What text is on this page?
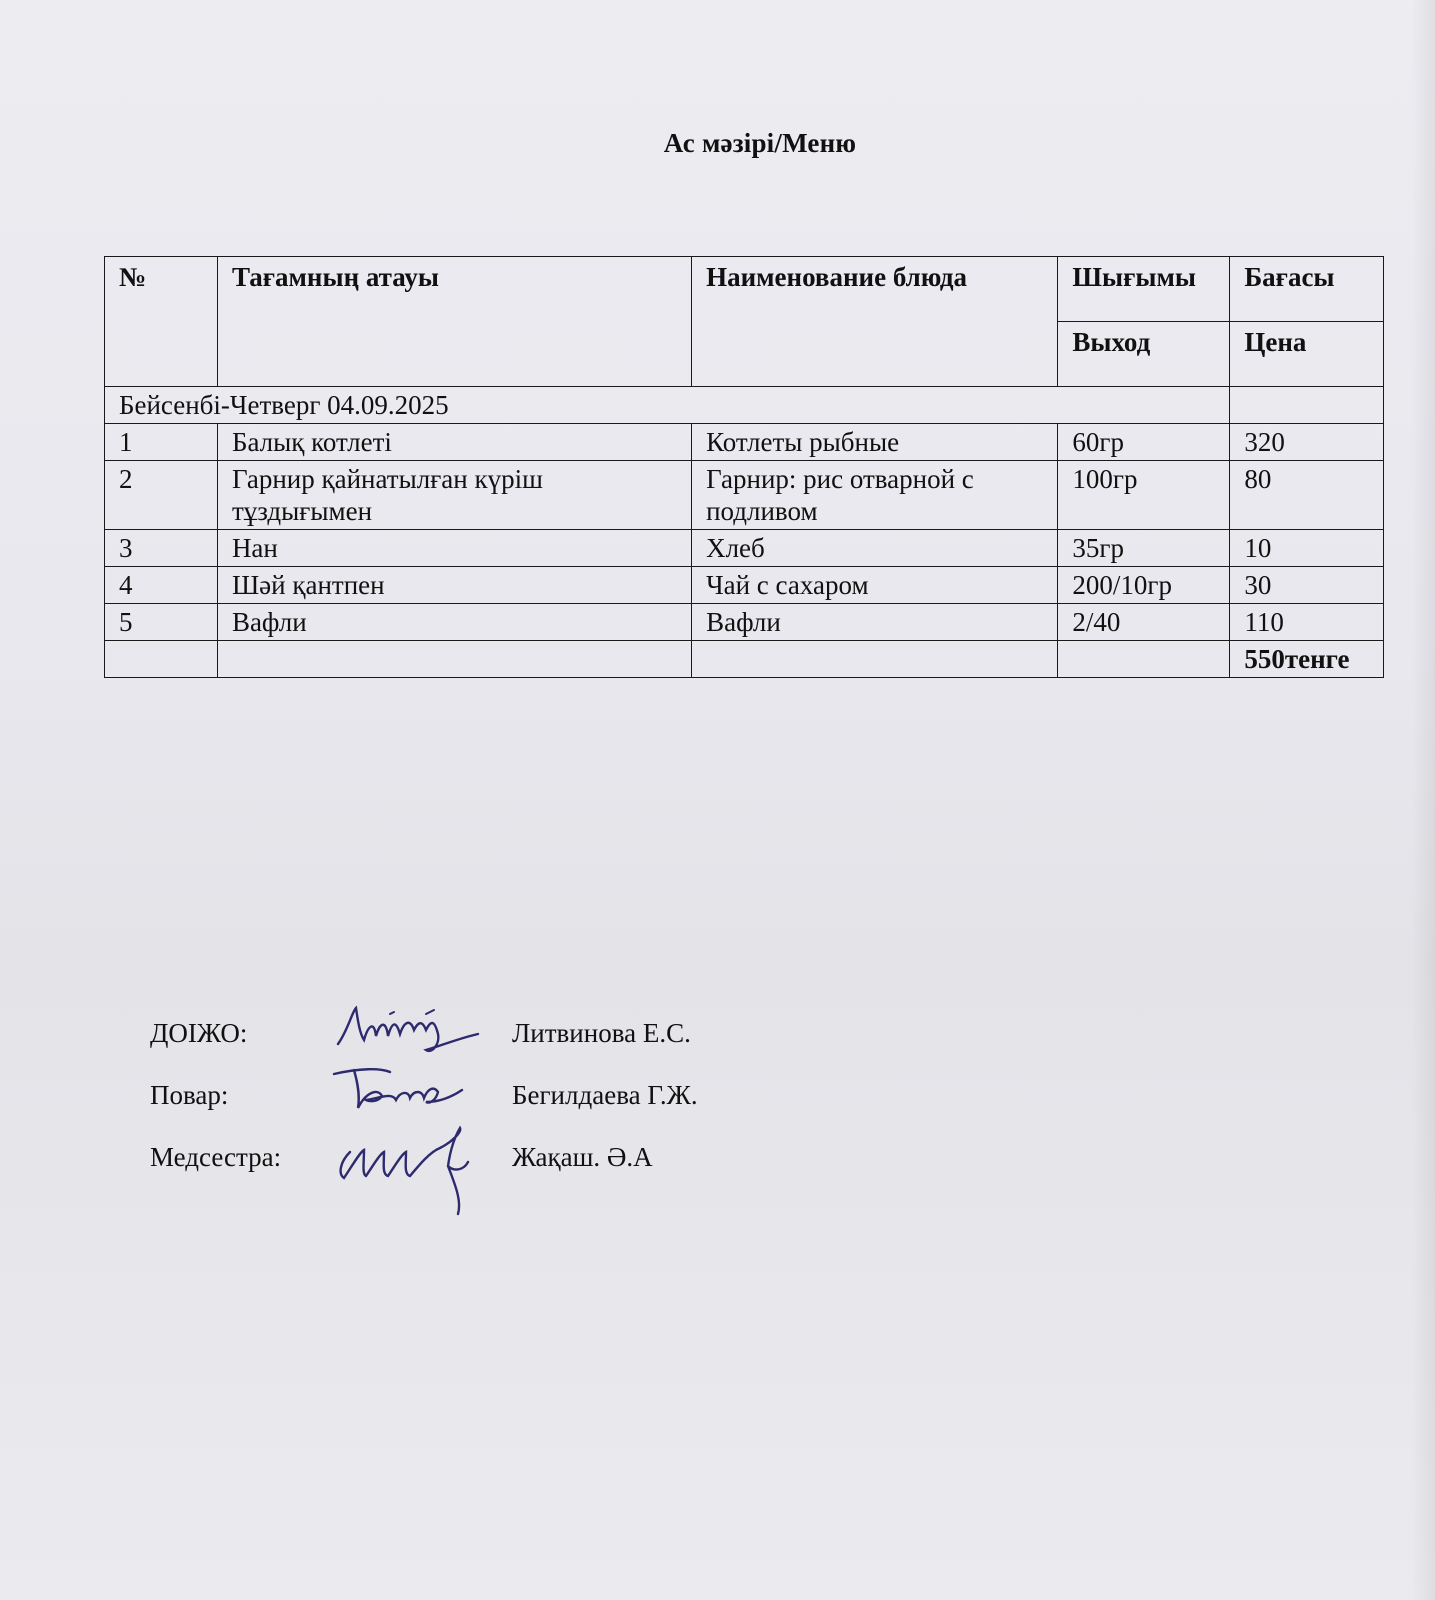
Ас мәзірі/Меню
№	Тағамның атауы	Наименование блюда	Шығымы	Бағасы
			Выход	Цена
Бейсенбі-Четверг 04.09.2025				
1	Балық котлеті	Котлеты рыбные	60гр	320
2	Гарнир қайнатылған күріш тұздығымен	Гарнир: рис отварной с подливом	100гр	80
3	Нан	Хлеб	35гр	10
4	Шәй қантпен	Чай с сахаром	200/10гр	30
5	Вафли	Вафли	2/40	110
				550тенге
ДОІЖО:	Литвинова Е.С.
Повар:	Бегилдаева Г.Ж.
Медсестра:	Жақаш. Ә.А
